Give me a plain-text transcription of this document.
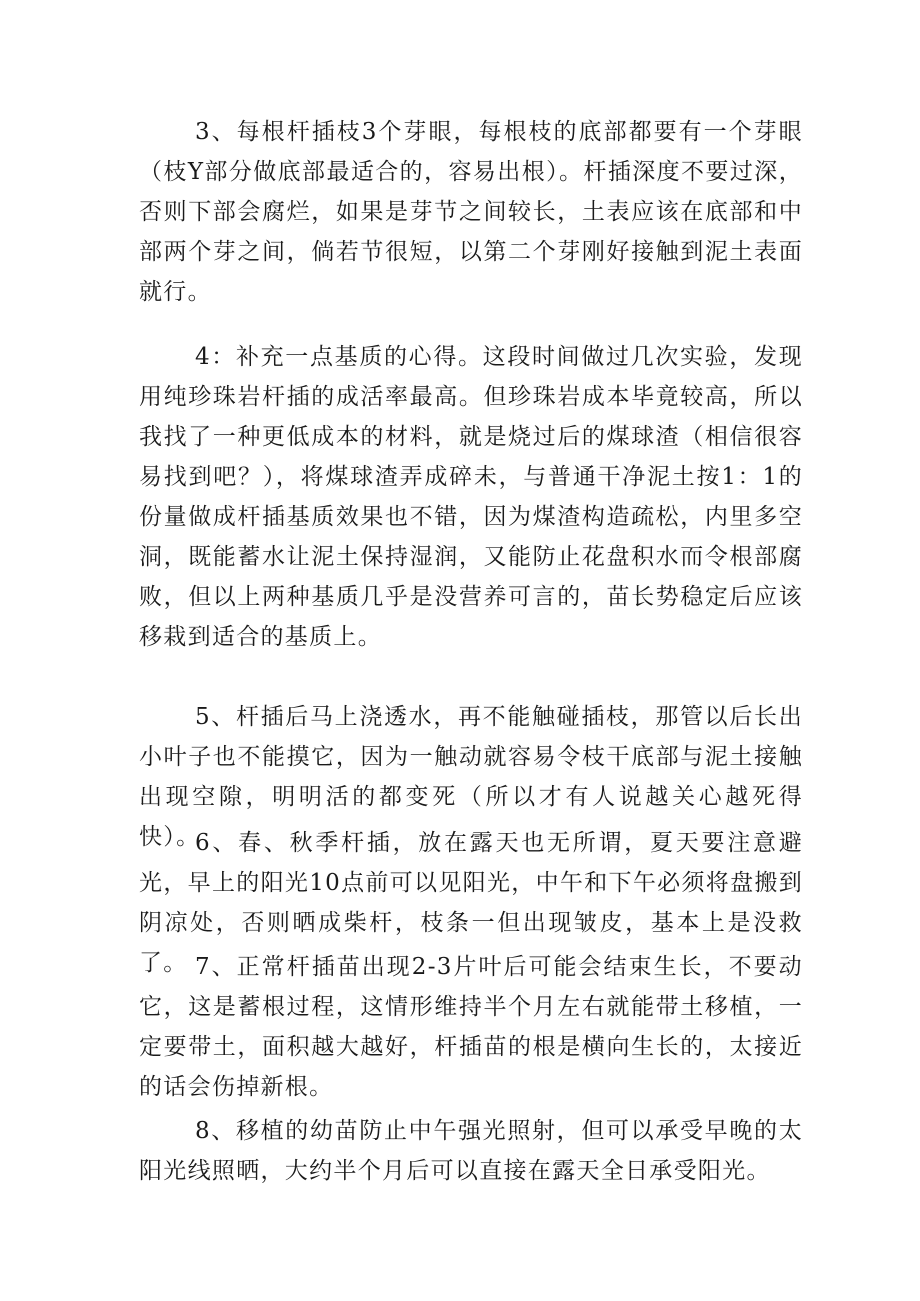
3、每根杆插枝3个芽眼，每根枝的底部都要有一个芽眼（枝Y部分做底部最适合的，容易出根）。杆插深度不要过深，否则下部会腐烂，如果是芽节之间较长，土表应该在底部和中部两个芽之间，倘若节很短，以第二个芽刚好接触到泥土表面就行。

4：补充一点基质的心得。这段时间做过几次实验，发现用纯珍珠岩杆插的成活率最高。但珍珠岩成本毕竟较高，所以我找了一种更低成本的材料，就是烧过后的煤球渣（相信很容易找到吧？），将煤球渣弄成碎未，与普通干净泥土按1：1的份量做成杆插基质效果也不错，因为煤渣构造疏松，内里多空洞，既能蓄水让泥土保持湿润，又能防止花盘积水而令根部腐败，但以上两种基质几乎是没营养可言的，苗长势稳定后应该移栽到适合的基质上。

5、杆插后马上浇透水，再不能触碰插枝，那管以后长出小叶子也不能摸它，因为一触动就容易令枝干底部与泥土接触出现空隙，明明活的都变死（所以才有人说越关心越死得快）。

6、春、秋季杆插，放在露天也无所谓，夏天要注意避光，早上的阳光10点前可以见阳光，中午和下午必须将盘搬到阴凉处，否则晒成柴杆，枝条一但出现皱皮，基本上是没救了。 7、正常杆插苗出现2-3片叶后可能会结束生长，不要动它，这是蓄根过程，这情形维持半个月左右就能带土移植，一定要带土，面积越大越好，杆插苗的根是横向生长的，太接近的话会伤掉新根。

8、移植的幼苗防止中午强光照射，但可以承受早晚的太阳光线照晒，大约半个月后可以直接在露天全日承受阳光。
